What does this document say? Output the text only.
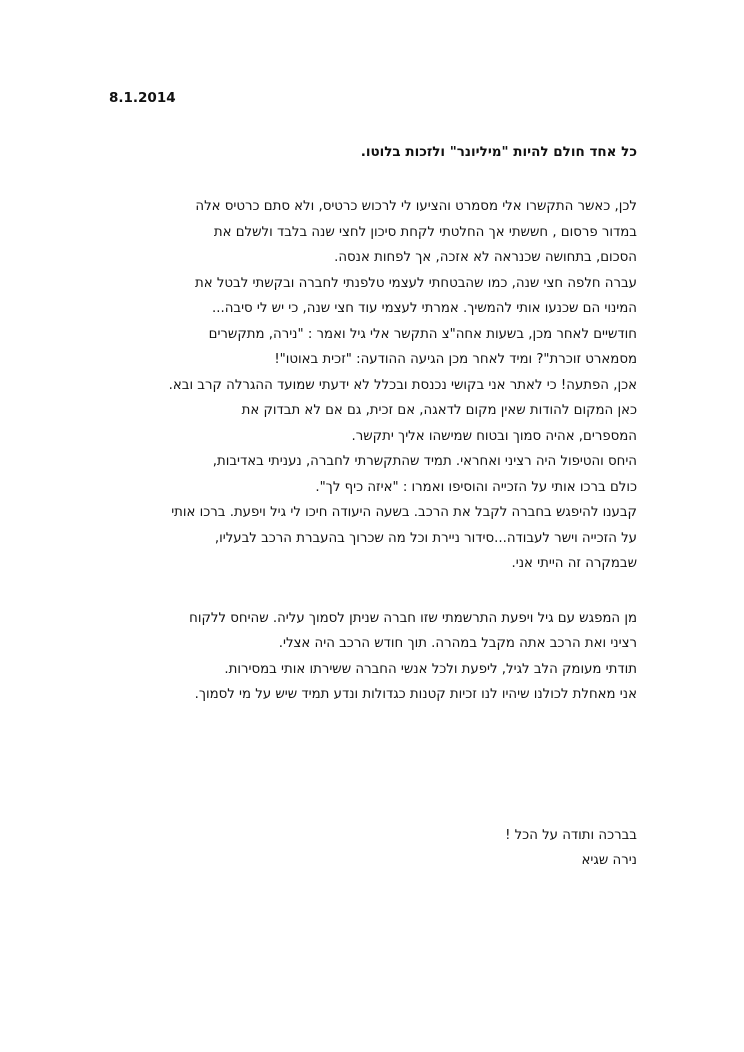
8.1.2014
כל אחד חולם להיות "מיליונר" ולזכות בלוטו.
לכן, כאשר התקשרו אלי מסמרט והציעו לי לרכוש כרטיס, ולא סתם כרטיס אלה
במדור פרסום , חששתי אך החלטתי לקחת סיכון לחצי שנה בלבד ולשלם את
הסכום, בתחושה שכנראה לא אזכה, אך לפחות אנסה.
עברה חלפה חצי שנה, כמו שהבטחתי לעצמי טלפנתי לחברה ובקשתי לבטל את
המינוי הם שכנעו אותי להמשיך. אמרתי לעצמי עוד חצי שנה, כי יש לי סיבה...
חודשיים לאחר מכן, בשעות אחה"צ התקשר אלי גיל ואמר : "נירה, מתקשרים
מסמארט זוכרת"? ומיד לאחר מכן הגיעה ההודעה: "זכית באוטו"!
אכן, הפתעה! כי לאתר אני בקושי נכנסת ובכלל לא ידעתי שמועד ההגרלה קרב ובא.
כאן המקום להודות שאין מקום לדאגה, אם זכית, גם אם לא תבדוק את
המספרים, אהיה סמוך ובטוח שמישהו אליך יתקשר.
היחס והטיפול היה רציני ואחראי. תמיד שהתקשרתי לחברה, נעניתי באדיבות,
כולם ברכו אותי על הזכייה והוסיפו ואמרו : "איזה כיף לך".
קבענו להיפגש בחברה לקבל את הרכב. בשעה היעודה חיכו לי גיל ויפעת. ברכו אותי
על הזכייה וישר לעבודה...סידור ניירת וכל מה שכרוך בהעברת הרכב לבעליו,
שבמקרה זה הייתי אני.
מן המפגש עם גיל ויפעת התרשמתי שזו חברה שניתן לסמוך עליה. שהיחס ללקוח
רציני ואת הרכב אתה מקבל במהרה. תוך חודש הרכב היה אצלי.
תודתי מעומק הלב לגיל, ליפעת ולכל אנשי החברה ששירתו אותי במסירות.
אני מאחלת לכולנו שיהיו לנו זכיות קטנות כגדולות ונדע תמיד שיש על מי לסמוך.
בברכה ותודה על הכל !
נירה שגיא
